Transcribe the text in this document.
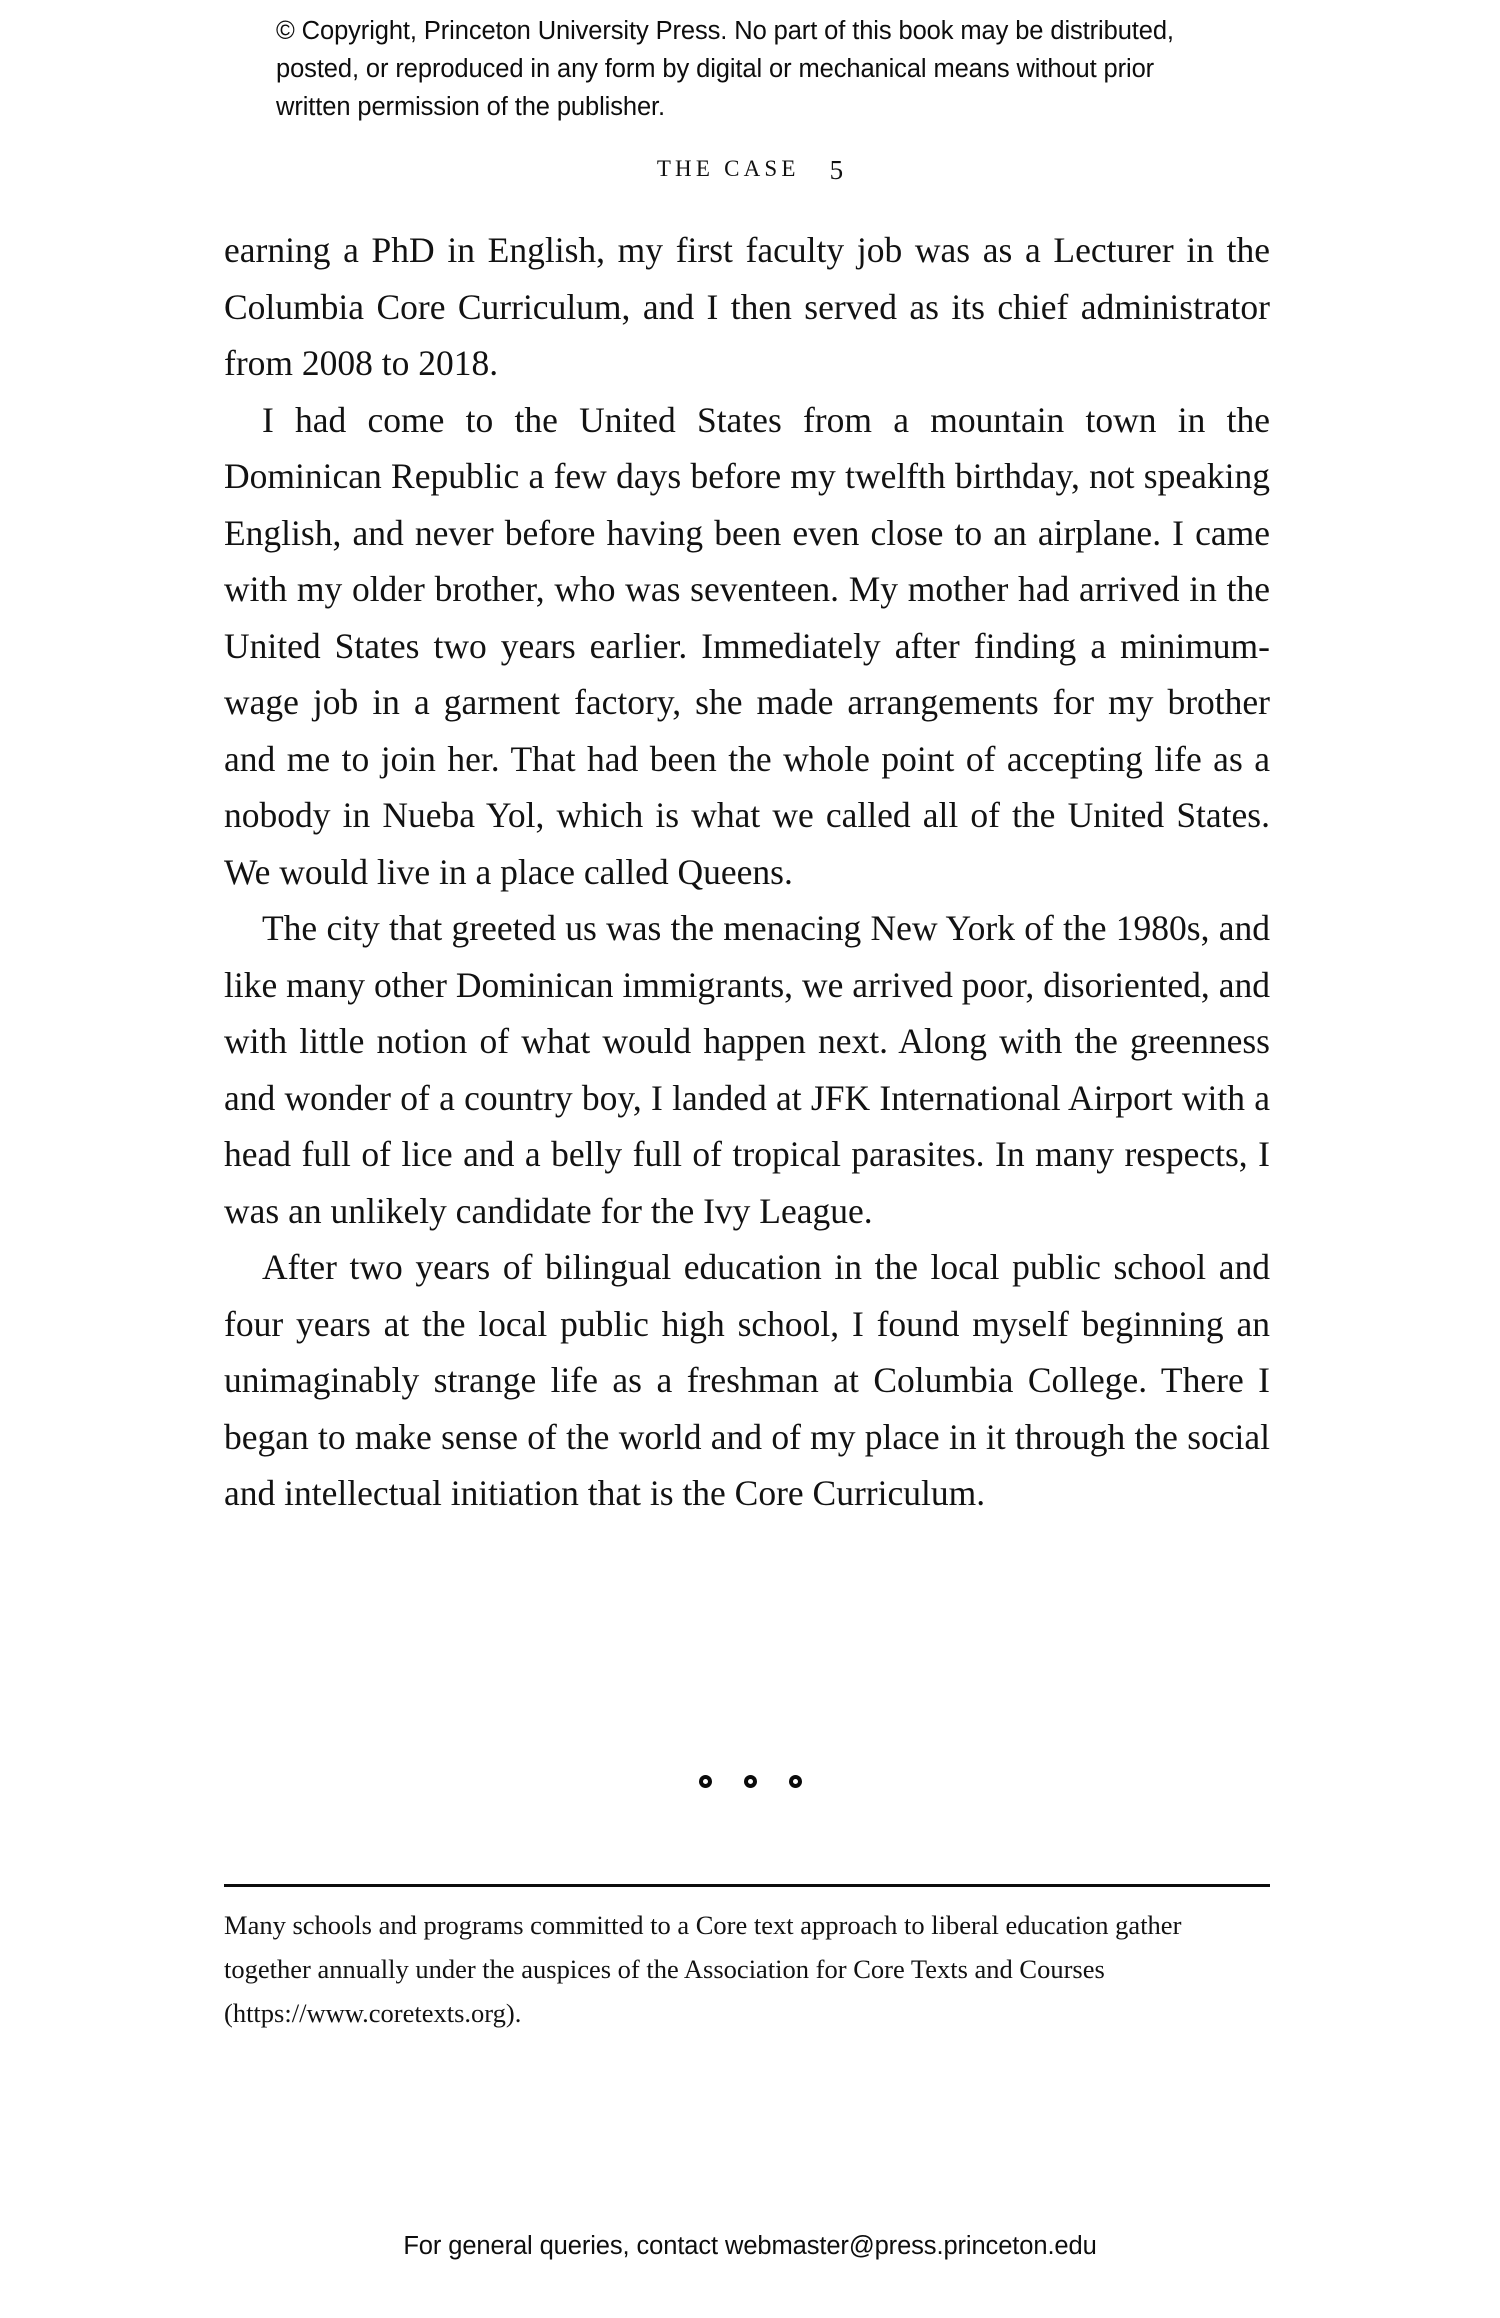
© Copyright, Princeton University Press. No part of this book may be distributed, posted, or reproduced in any form by digital or mechanical means without prior written permission of the publisher.
THE CASE 5

earning a PhD in English, my first faculty job was as a Lecturer in the Columbia Core Curriculum, and I then served as its chief administrator from 2008 to 2018.

I had come to the United States from a mountain town in the Dominican Republic a few days before my twelfth birthday, not speaking English, and never before having been even close to an airplane. I came with my older brother, who was seventeen. My mother had arrived in the United States two years earlier. Immediately after finding a minimum-wage job in a garment factory, she made arrangements for my brother and me to join her. That had been the whole point of accepting life as a nobody in Nueba Yol, which is what we called all of the United States. We would live in a place called Queens.

The city that greeted us was the menacing New York of the 1980s, and like many other Dominican immigrants, we arrived poor, disoriented, and with little notion of what would happen next. Along with the greenness and wonder of a country boy, I landed at JFK International Airport with a head full of lice and a belly full of tropical parasites. In many respects, I was an unlikely candidate for the Ivy League.

After two years of bilingual education in the local public school and four years at the local public high school, I found myself beginning an unimaginably strange life as a freshman at Columbia College. There I began to make sense of the world and of my place in it through the social and intellectual initiation that is the Core Curriculum.

Many schools and programs committed to a Core text approach to liberal education gather together annually under the auspices of the Association for Core Texts and Courses (https://www.coretexts.org).
For general queries, contact webmaster@press.princeton.edu
